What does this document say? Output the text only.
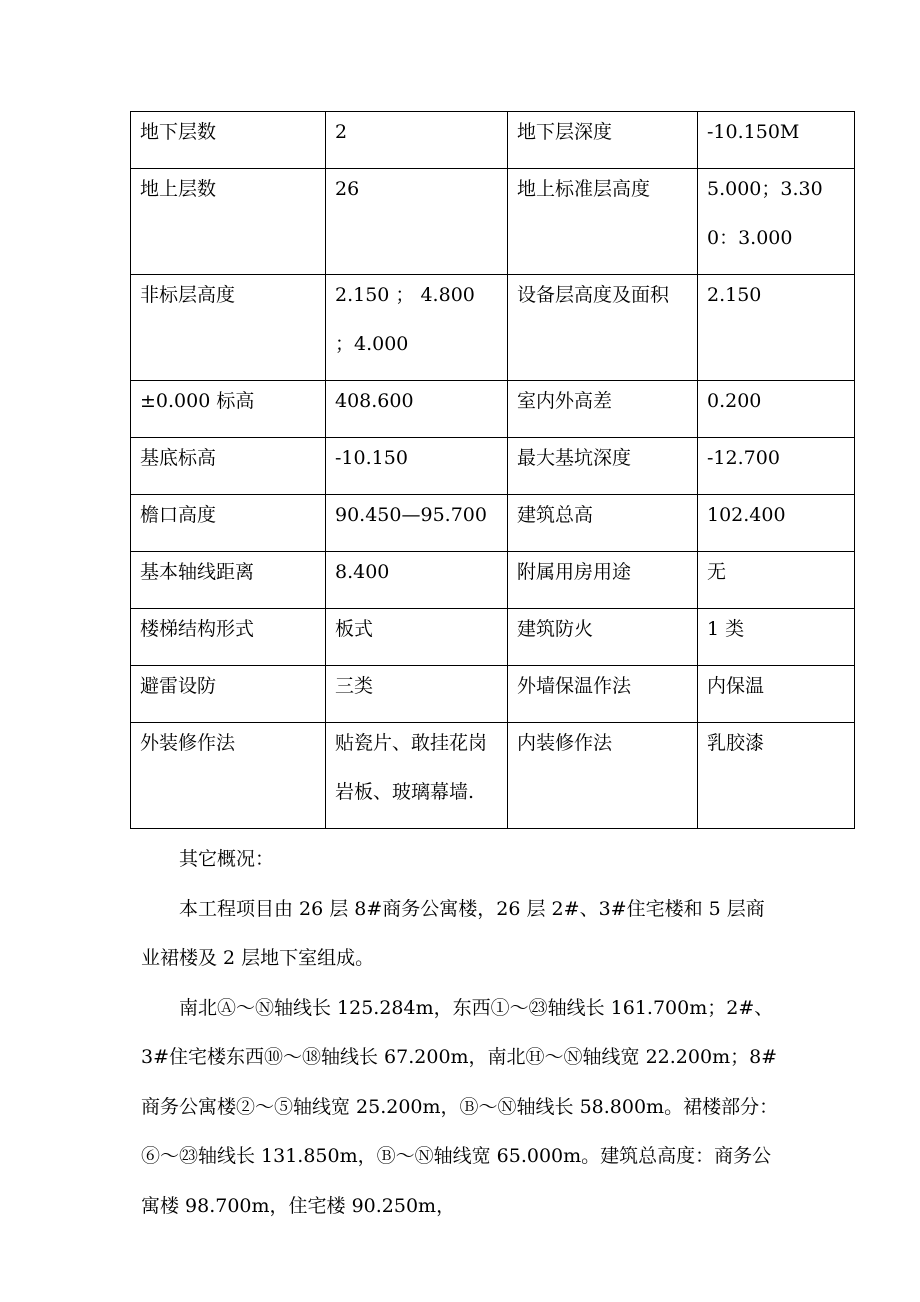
地下层数	2	地下层深度	-10.150M

地上层数	26	地上标准层高度	5.000；3.300：3.000

非标层高度	2.150 ； 4.800 ；4.000	设备层高度及面积	2.150

±0.000 标高	408.600	室内外高差	0.200

基底标高	-10.150	最大基坑深度	-12.700

檐口高度	90.450—95.700	建筑总高	102.400

基本轴线距离	8.400	附属用房用途	无

楼梯结构形式	板式	建筑防火	1 类

避雷设防	三类	外墙保温作法	内保温

外装修作法	贴瓷片、敢挂花岗岩板、玻璃幕墙.	内装修作法	乳胶漆

其它概况：

本工程项目由 26 层 8#商务公寓楼，26 层 2#、3#住宅楼和 5 层商业裙楼及 2 层地下室组成。

南北Ⓐ～Ⓝ轴线长 125.284m，东西①～㉓轴线长 161.700m；2#、3#住宅楼东西⑩～⑱轴线长 67.200m，南北Ⓗ～Ⓝ轴线宽 22.200m；8#商务公寓楼②～⑤轴线宽 25.200m，Ⓑ～Ⓝ轴线长 58.800m。裙楼部分：⑥～㉓轴线长 131.850m，Ⓑ～Ⓝ轴线宽 65.000m。建筑总高度：商务公寓楼 98.700m，住宅楼 90.250m，
